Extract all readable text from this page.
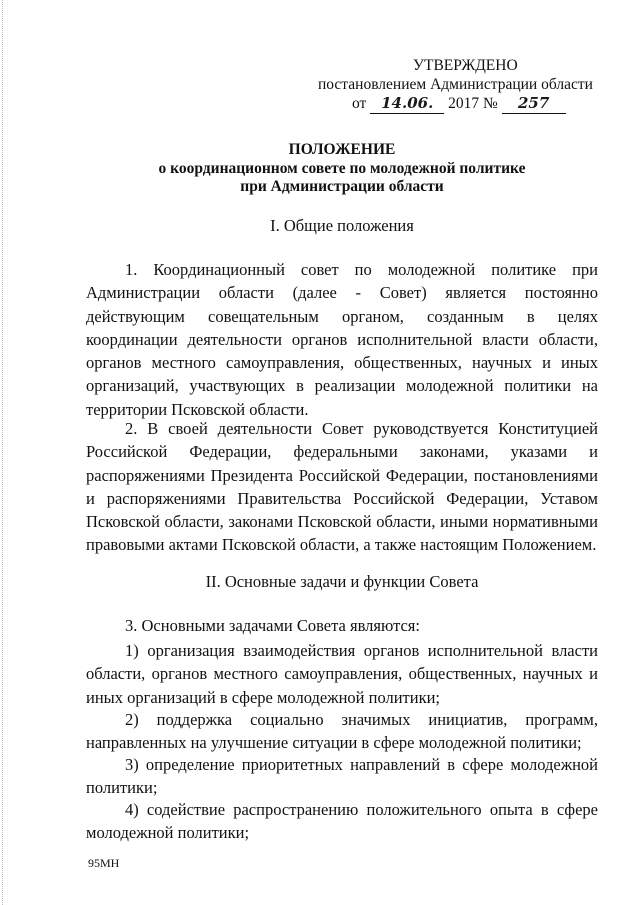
УТВЕРЖДЕНО
постановлением Администрации области
от 14.06. 2017 № 257
ПОЛОЖЕНИЕ
о координационном совете по молодежной политике
при Администрации области
I. Общие положения
1. Координационный совет по молодежной политике при Администрации области (далее - Совет) является постоянно действующим совещательным органом, созданным в целях координации деятельности органов исполнительной власти области, органов местного самоуправления, общественных, научных и иных организаций, участвующих в реализации молодежной политики на территории Псковской области.
2. В своей деятельности Совет руководствуется Конституцией Российской Федерации, федеральными законами, указами и распоряжениями Президента Российской Федерации, постановлениями и распоряжениями Правительства Российской Федерации, Уставом Псковской области, законами Псковской области, иными нормативными правовыми актами Псковской области, а также настоящим Положением.
II. Основные задачи и функции Совета
3. Основными задачами Совета являются:
1) организация взаимодействия органов исполнительной власти области, органов местного самоуправления, общественных, научных и иных организаций в сфере молодежной политики;
2) поддержка социально значимых инициатив, программ, направленных на улучшение ситуации в сфере молодежной политики;
3) определение приоритетных направлений в сфере молодежной политики;
4) содействие распространению положительного опыта в сфере молодежной политики;
95МН
